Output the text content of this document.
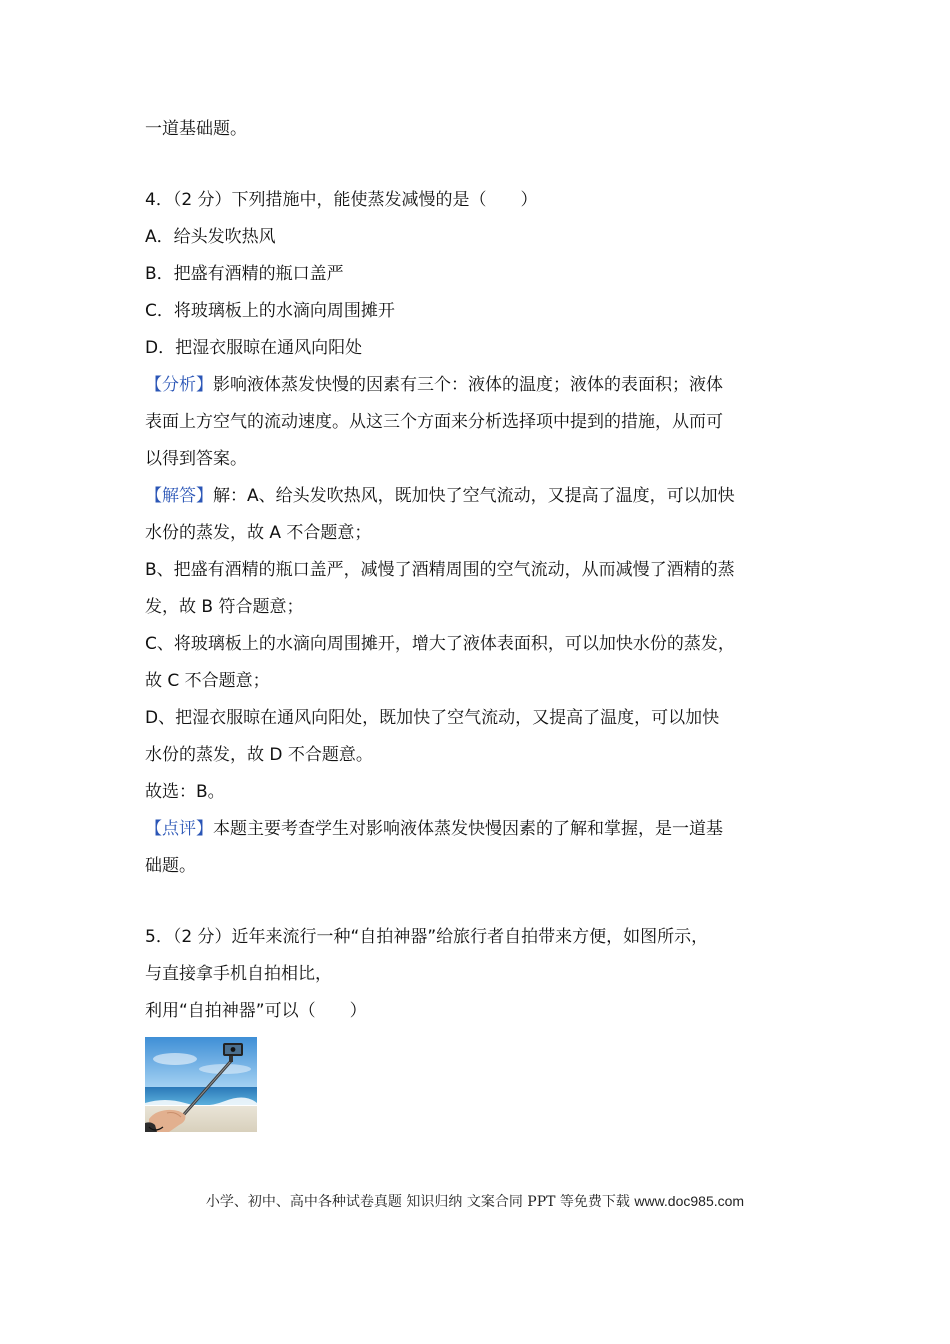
一道基础题。
4．（2 分）下列措施中，能使蒸发减慢的是（　　）
A．给头发吹热风
B．把盛有酒精的瓶口盖严
C．将玻璃板上的水滴向周围摊开
D．把湿衣服晾在通风向阳处
【分析】影响液体蒸发快慢的因素有三个：液体的温度；液体的表面积；液体
表面上方空气的流动速度。从这三个方面来分析选择项中提到的措施，从而可
以得到答案。
【解答】解：A、给头发吹热风，既加快了空气流动，又提高了温度，可以加快
水份的蒸发，故 A 不合题意；
B、把盛有酒精的瓶口盖严，减慢了酒精周围的空气流动，从而减慢了酒精的蒸
发，故 B 符合题意；
C、将玻璃板上的水滴向周围摊开，增大了液体表面积，可以加快水份的蒸发，
故 C 不合题意；
D、把湿衣服晾在通风向阳处，既加快了空气流动，又提高了温度，可以加快
水份的蒸发，故 D 不合题意。
故选：B。
【点评】本题主要考查学生对影响液体蒸发快慢因素的了解和掌握，是一道基
础题。
5．（2 分）近年来流行一种“自拍神器”给旅行者自拍带来方便，如图所示，
与直接拿手机自拍相比，
利用“自拍神器”可以（　　）
小学、初中、高中各种试卷真题 知识归纳 文案合同 PPT 等免费下载 www.doc985.com
